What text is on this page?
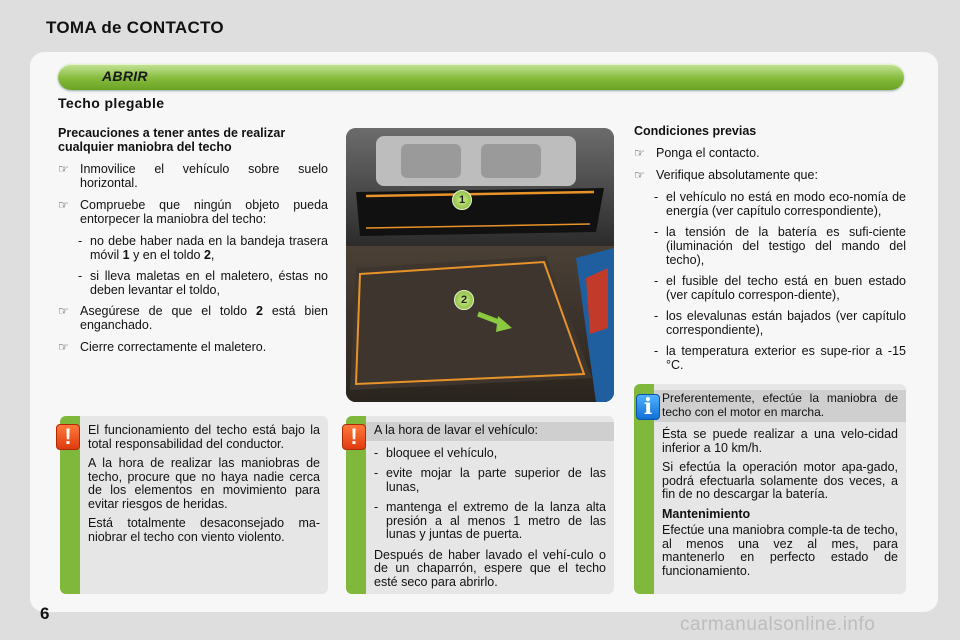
TOMA de CONTACTO
ABRIR
Techo plegable
Precauciones a tener antes de realizar cualquier maniobra del techo
☞ Inmovilice el vehículo sobre suelo horizontal.
☞ Compruebe que ningún objeto pueda entorpecer la maniobra del techo:
- no debe haber nada en la bandeja trasera móvil 1 y en el toldo 2,
- si lleva maletas en el maletero, éstas no deben levantar el toldo,
☞ Asegúrese de que el toldo 2 está bien enganchado.
☞ Cierre correctamente el maletero.
1
2
Condiciones previas
☞ Ponga el contacto.
☞ Verifique absolutamente que:
- el vehículo no está en modo eco-nomía de energía (ver capítulo correspondiente),
- la tensión de la batería es sufi-ciente (iluminación del testigo del mando del techo),
- el fusible del techo está en buen estado (ver capítulo correspon-diente),
- los elevalunas están bajados (ver capítulo correspondiente),
- la temperatura exterior es supe-rior a -15 °C.

El funcionamiento del techo está bajo la total responsabilidad del conductor.

A la hora de realizar las maniobras de techo, procure que no haya nadie cerca de los elementos en movimiento para evitar riesgos de heridas.

Está totalmente desaconsejado ma-niobrar el techo con viento violento.

!	A la hora de lavar el vehículo:

- bloquee el vehículo,
- evite mojar la parte superior de las lunas,
- mantenga el extremo de la lanza alta presión a al menos 1 metro de las lunas y juntas de puerta.

Después de haber lavado el vehí-culo o de un chaparrón, espere que el techo esté seco para abrirlo.

!

Preferentemente, efectúe la maniobra de techo con el motor en marcha.

Ésta se puede realizar a una velo-cidad inferior a 10 km/h.

Si efectúa la operación motor apa-gado, podrá efectuarla solamente dos veces, a fin de no descargar la batería.

Mantenimiento

Efectúe una maniobra comple-ta de techo, al menos una vez al mes, para mantenerlo en perfecto estado de funcionamiento.

i
6
carmanualsonline.info
